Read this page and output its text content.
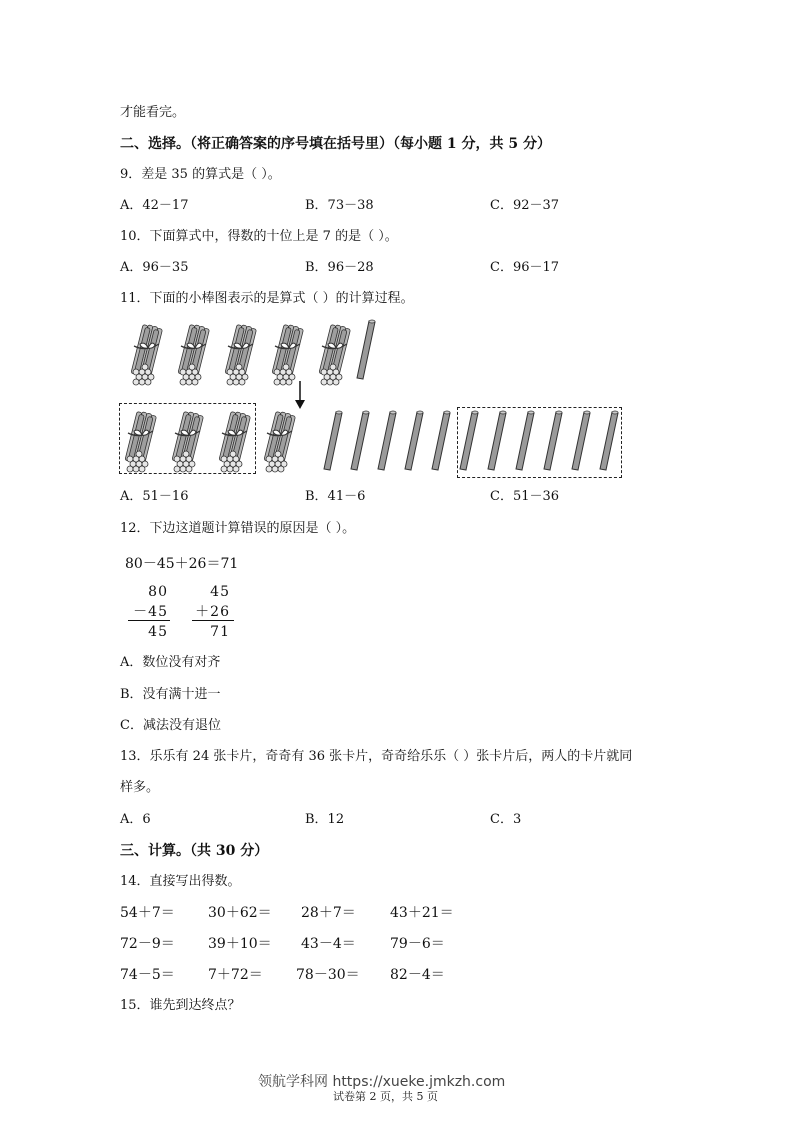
才能看完。
二、选择。（将正确答案的序号填在括号里）（每小题 1 分，共 5 分）
9．差是 35 的算式是（ ）。
A．42－17	B．73－38	C．92－37
10．下面算式中，得数的十位上是 7 的是（ ）。
A．96－35	B．96－28	C．96－17
11．下面的小棒图表示的是算式（ ）的计算过程。
A．51－16	B．41－6	C．51－36
12．下边这道题计算错误的原因是（ ）。
80－45＋26＝71
80
－45
45
45
＋26
71
A．数位没有对齐
B．没有满十进一
C．减法没有退位
13．乐乐有 24 张卡片，奇奇有 36 张卡片，奇奇给乐乐（ ）张卡片后，两人的卡片就同
样多。
A．6	B．12	C．3
三、计算。（共 30 分）
14．直接写出得数。
54＋7＝ 30＋62＝ 28＋7＝ 43＋21＝
72－9＝ 39＋10＝ 43－4＝ 79－6＝
74－5＝ 7＋72＝ 78－30＝ 82－4＝
15．谁先到达终点？
领航学科网 https://xueke.jmkzh.com
试卷第 2 页，共 5 页
